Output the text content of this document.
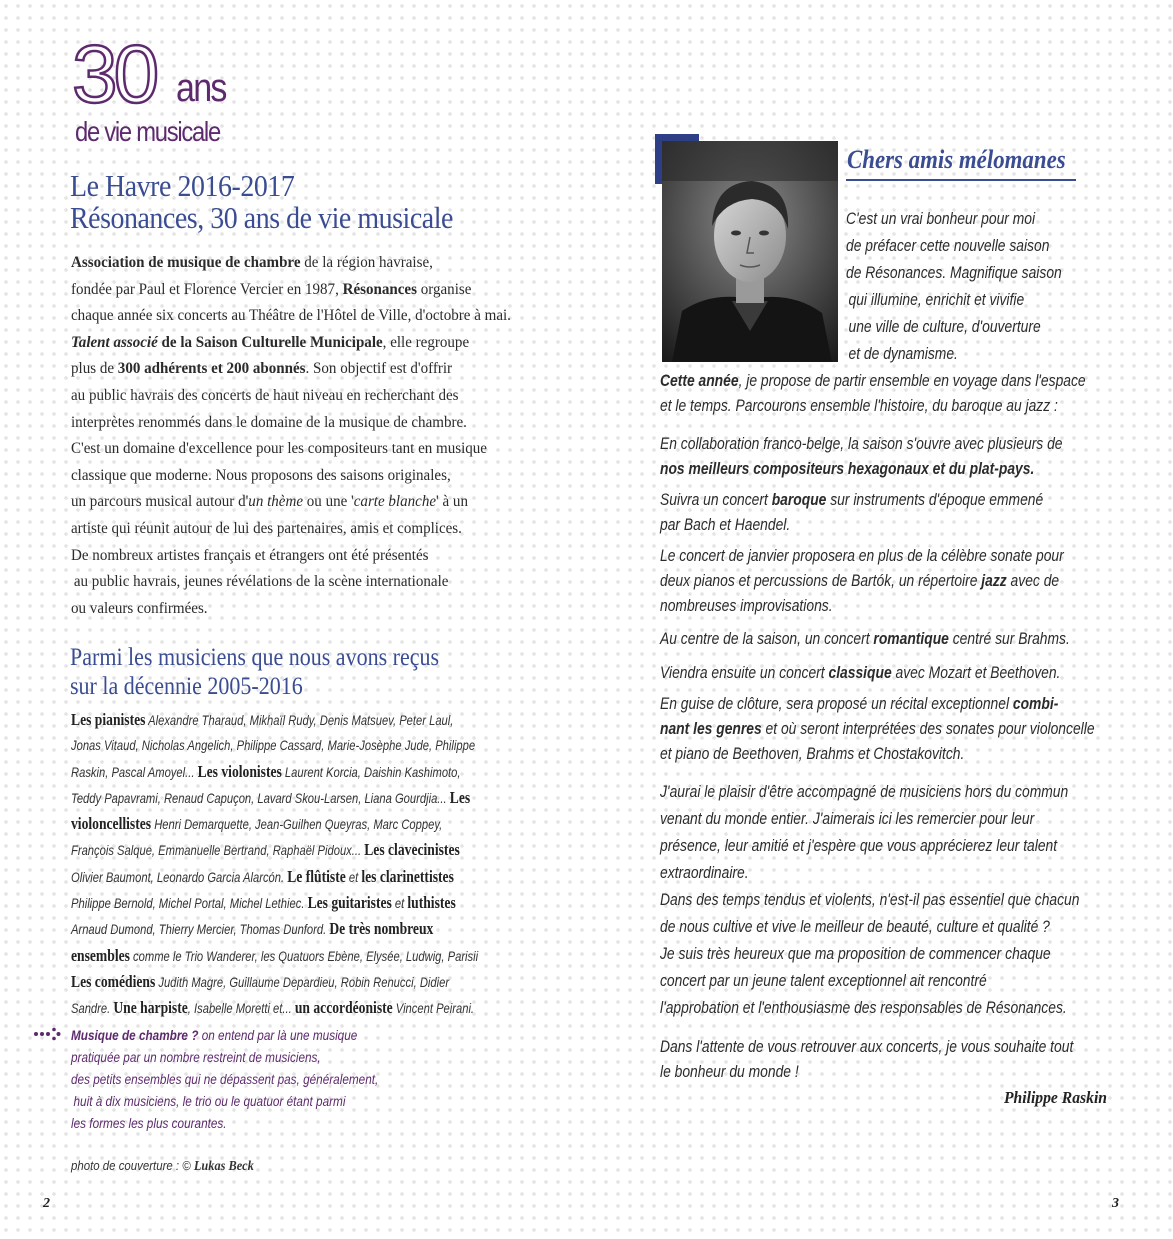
30 ans
de vie musicale
Le Havre 2016-2017
Résonances, 30 ans de vie musicale
Association de musique de chambre de la région havraise,
fondée par Paul et Florence Vercier en 1987, Résonances organise
chaque année six concerts au Théâtre de l'Hôtel de Ville, d'octobre à mai.
Talent associé de la Saison Culturelle Municipale, elle regroupe
plus de 300 adhérents et 200 abonnés. Son objectif est d'offrir
au public havrais des concerts de haut niveau en recherchant des
interprètes renommés dans le domaine de la musique de chambre.
C'est un domaine d'excellence pour les compositeurs tant en musique
classique que moderne. Nous proposons des saisons originales,
un parcours musical autour d'un thème ou une 'carte blanche' à un
artiste qui réunit autour de lui des partenaires, amis et complices.
De nombreux artistes français et étrangers ont été présentés
au public havrais, jeunes révélations de la scène internationale
ou valeurs confirmées.
Parmi les musiciens que nous avons reçus
sur la décennie 2005-2016
Les pianistes Alexandre Tharaud, Mikhaïl Rudy, Denis Matsuev, Peter Laul,
Jonas Vitaud, Nicholas Angelich, Philippe Cassard, Marie-Josèphe Jude, Philippe
Raskin, Pascal Amoyel... Les violonistes Laurent Korcia, Daishin Kashimoto,
Teddy Papavrami, Renaud Capuçon, Lavard Skou-Larsen, Liana Gourdjia... Les
violoncellistes Henri Demarquette, Jean-Guilhen Queyras, Marc Coppey,
François Salque, Emmanuelle Bertrand, Raphaël Pidoux... Les clavecinistes
Olivier Baumont, Leonardo Garcia Alarcón. Le flûtiste et les clarinettistes
Philippe Bernold, Michel Portal, Michel Lethiec. Les guitaristes et luthistes
Arnaud Dumond, Thierry Mercier, Thomas Dunford. De très nombreux
ensembles comme le Trio Wanderer, les Quatuors Ebène, Elysée, Ludwig, Parisii
Les comédiens Judith Magre, Guillaume Depardieu, Robin Renucci, Didier
Sandre. Une harpiste, Isabelle Moretti et... un accordéoniste Vincent Peirani.
Musique de chambre ? on entend par là une musique
pratiquée par un nombre restreint de musiciens,
des petits ensembles qui ne dépassent pas, généralement,
huit à dix musiciens, le trio ou le quatuor étant parmi
les formes les plus courantes.
photo de couverture : © Lukas Beck
2
Chers amis mélomanes
C'est un vrai bonheur pour moi
de préfacer cette nouvelle saison
de Résonances. Magnifique saison
qui illumine, enrichit et vivifie
une ville de culture, d'ouverture
et de dynamisme.
Cette année, je propose de partir ensemble en voyage dans l'espace
et le temps. Parcourons ensemble l'histoire, du baroque au jazz :
En collaboration franco-belge, la saison s'ouvre avec plusieurs de
nos meilleurs compositeurs hexagonaux et du plat-pays.
Suivra un concert baroque sur instruments d'époque emmené
par Bach et Haendel.
Le concert de janvier proposera en plus de la célèbre sonate pour
deux pianos et percussions de Bartók, un répertoire jazz avec de
nombreuses improvisations.
Au centre de la saison, un concert romantique centré sur Brahms.
Viendra ensuite un concert classique avec Mozart et Beethoven.
En guise de clôture, sera proposé un récital exceptionnel combi-
nant les genres et où seront interprétées des sonates pour violoncelle
et piano de Beethoven, Brahms et Chostakovitch.
J'aurai le plaisir d'être accompagné de musiciens hors du commun
venant du monde entier. J'aimerais ici les remercier pour leur
présence, leur amitié et j'espère que vous apprécierez leur talent
extraordinaire.
Dans des temps tendus et violents, n'est-il pas essentiel que chacun
de nous cultive et vive le meilleur de beauté, culture et qualité ?
Je suis très heureux que ma proposition de commencer chaque
concert par un jeune talent exceptionnel ait rencontré
l'approbation et l'enthousiasme des responsables de Résonances.
Dans l'attente de vous retrouver aux concerts, je vous souhaite tout
le bonheur du monde !
Philippe Raskin
3
